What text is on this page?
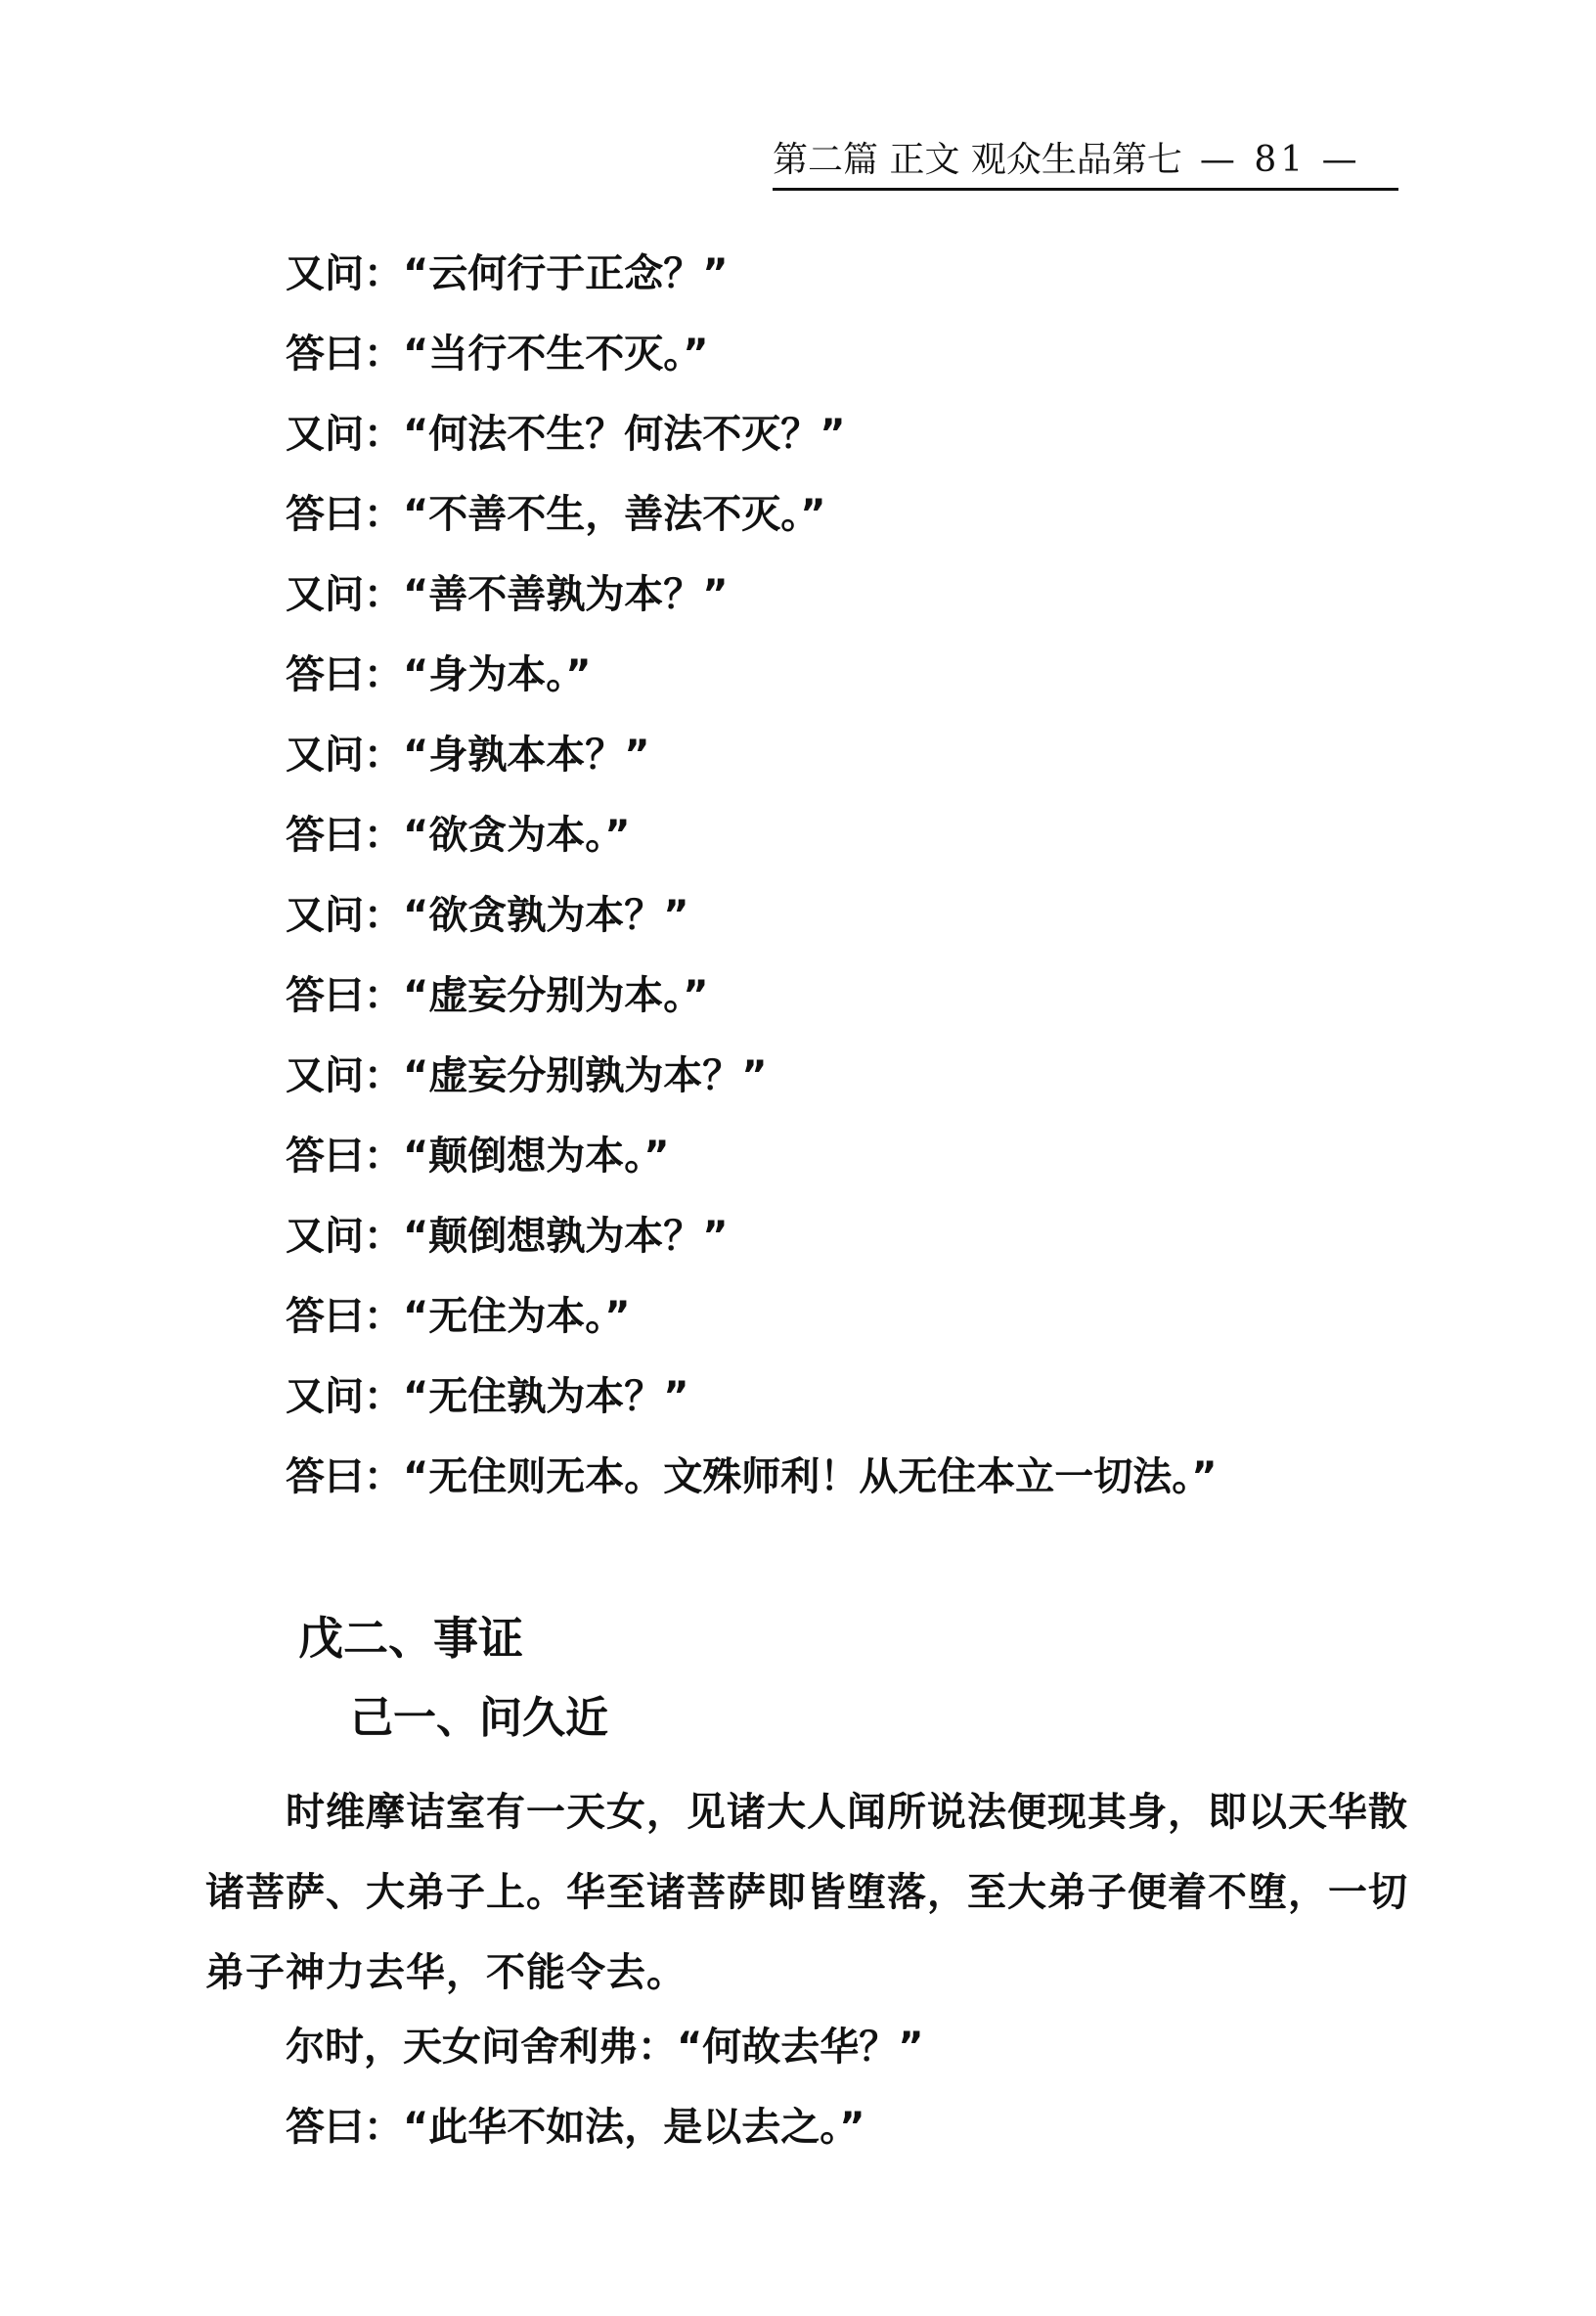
第二篇 正文 观众生品第七 — 81 —
又问：“云何行于正念？”
答曰：“当行不生不灭。”
又问：“何法不生？何法不灭？”
答曰：“不善不生，善法不灭。”
又问：“善不善孰为本？”
答曰：“身为本。”
又问：“身孰本本？”
答曰：“欲贪为本。”
又问：“欲贪孰为本？”
答曰：“虚妄分别为本。”
又问：“虚妄分别孰为本？”
答曰：“颠倒想为本。”
又问：“颠倒想孰为本？”
答曰：“无住为本。”
又问：“无住孰为本？”
答曰：“无住则无本。文殊师利！从无住本立一切法。”
戊二、事证
己一、问久近
时维摩诘室有一天女，见诸大人闻所说法便现其身，即以天华散诸菩萨、大弟子上。华至诸菩萨即皆堕落，至大弟子便着不堕，一切弟子神力去华，不能令去。
尔时，天女问舍利弗：“何故去华？”
答曰：“此华不如法，是以去之。”
